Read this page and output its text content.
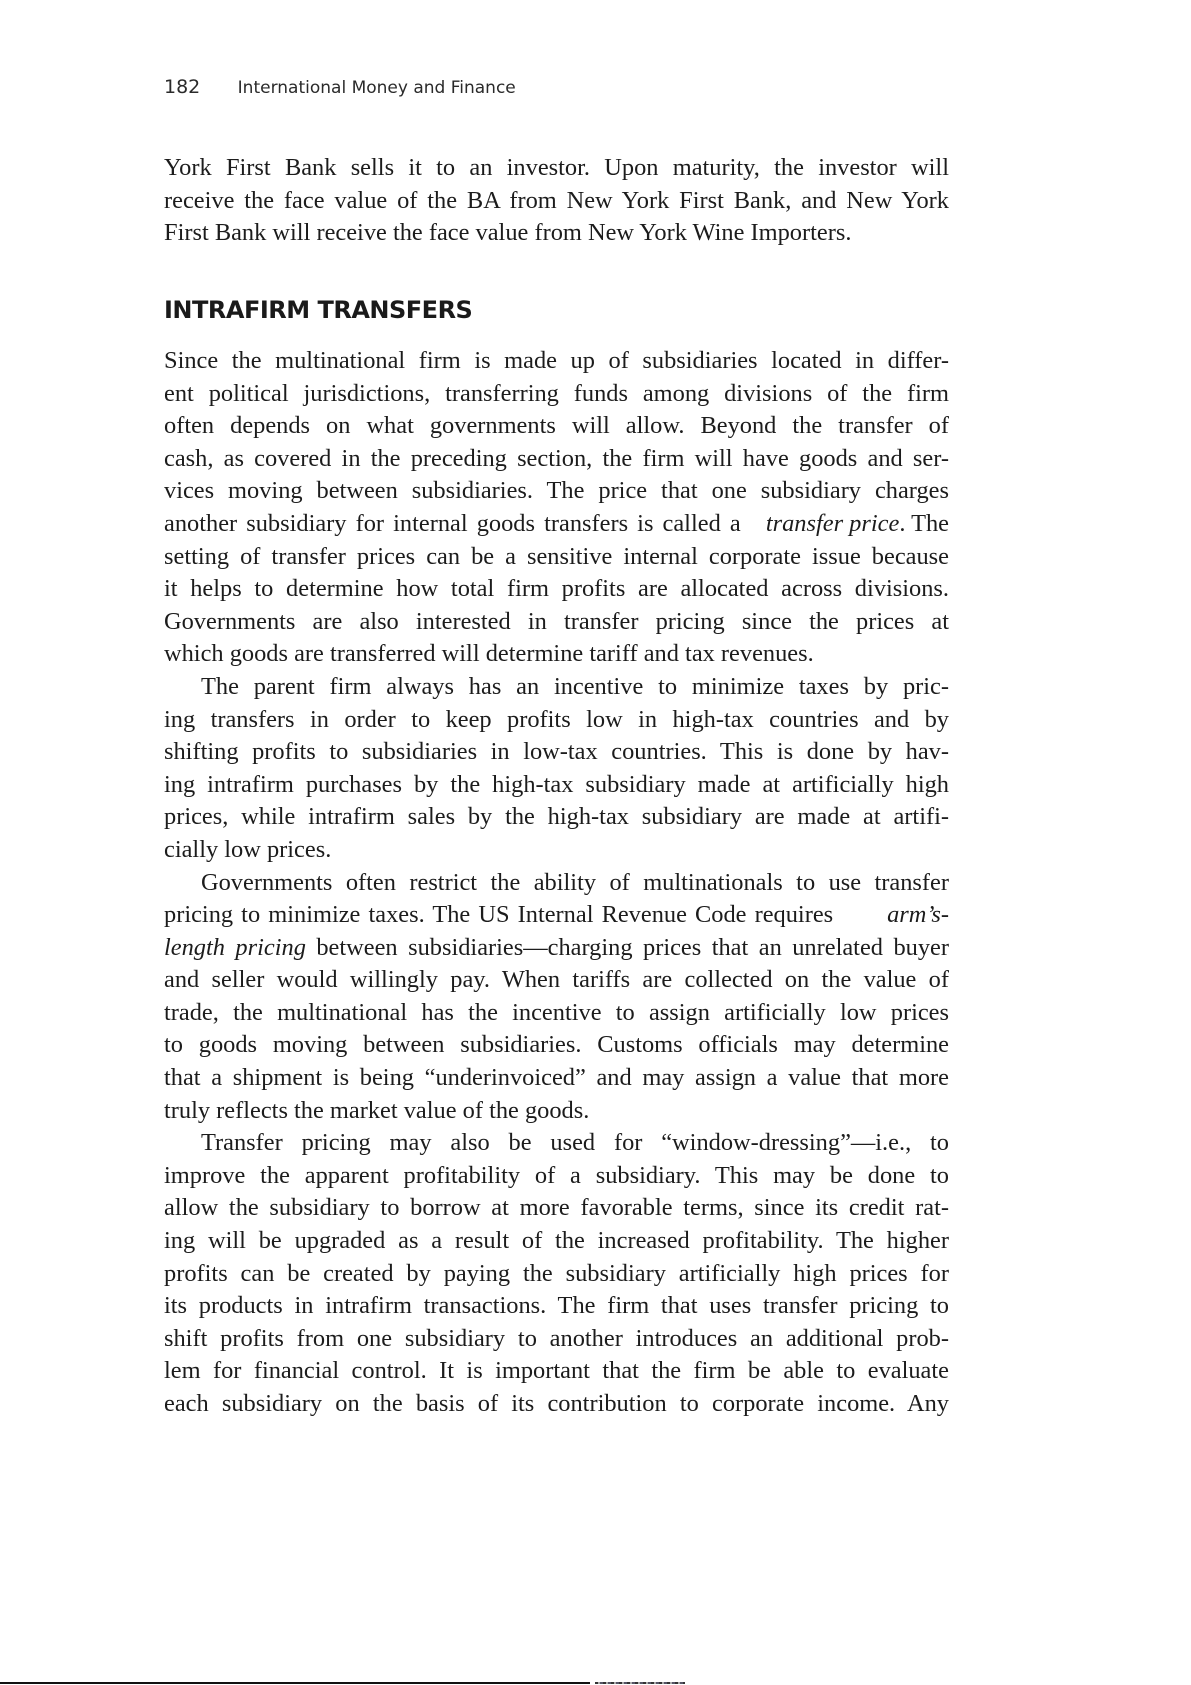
182 International Money and Finance
York First Bank sells it to an investor. Upon maturity, the investor will
receive the face value of the BA from New York First Bank, and New York
First Bank will receive the face value from New York Wine Importers.
INTRAFIRM TRANSFERS
Since the multinational firm is made up of subsidiaries located in differ-
ent political jurisdictions, transferring funds among divisions of the firm
often depends on what governments will allow. Beyond the transfer of
cash, as covered in the preceding section, the firm will have goods and ser-
vices moving between subsidiaries. The price that one subsidiary charges
another subsidiary for internal goods transfers is called a transfer price. The
setting of transfer prices can be a sensitive internal corporate issue because
it helps to determine how total firm profits are allocated across divisions.
Governments are also interested in transfer pricing since the prices at
which goods are transferred will determine tariff and tax revenues.
The parent firm always has an incentive to minimize taxes by pric-
ing transfers in order to keep profits low in high-tax countries and by
shifting profits to subsidiaries in low-tax countries. This is done by hav-
ing intrafirm purchases by the high-tax subsidiary made at artificially high
prices, while intrafirm sales by the high-tax subsidiary are made at artifi-
cially low prices.
Governments often restrict the ability of multinationals to use transfer
pricing to minimize taxes. The US Internal Revenue Code requires arm’s-
length pricing between subsidiaries—charging prices that an unrelated buyer
and seller would willingly pay. When tariffs are collected on the value of
trade, the multinational has the incentive to assign artificially low prices
to goods moving between subsidiaries. Customs officials may determine
that a shipment is being “underinvoiced” and may assign a value that more
truly reflects the market value of the goods.
Transfer pricing may also be used for “window-dressing”—i.e., to
improve the apparent profitability of a subsidiary. This may be done to
allow the subsidiary to borrow at more favorable terms, since its credit rat-
ing will be upgraded as a result of the increased profitability. The higher
profits can be created by paying the subsidiary artificially high prices for
its products in intrafirm transactions. The firm that uses transfer pricing to
shift profits from one subsidiary to another introduces an additional prob-
lem for financial control. It is important that the firm be able to evaluate
each subsidiary on the basis of its contribution to corporate income. Any
